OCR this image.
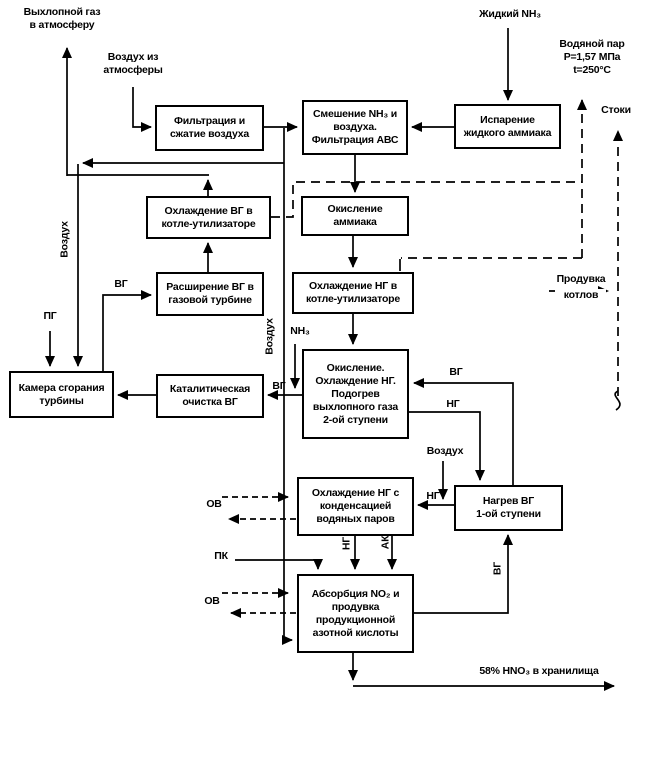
Фильтрация и
сжатие воздуха
Смешение NH₃ и
воздуха.
Фильтрация АВС
Испарение
жидкого аммиака
Охлаждение ВГ в
котле-утилизаторе
Окисление
аммиака
Охлаждение НГ в
котле-утилизаторе
Расширение ВГ в
газовой турбине
Камера сгорания
турбины
Каталитическая
очистка ВГ
Окисление.
Охлаждение НГ.
Подогрев
выхлопного газа
2-ой ступени
Охлаждение НГ с
конденсацией
водяных паров
Нагрев ВГ
1-ой ступени
Абсорбция NO₂ и
продувка
продукционной
азотной кислоты
Выхлопной газ
в атмосферу
Воздух из
атмосферы
Жидкий NH₃
Водяной пар
P=1,57 МПа
t=250°C
Стоки
Продувка
котлов
ПГ
ВГ
Воздух
Воздух	NH₃
ВГ
ВГ
НГ
Воздух
НГ
ОВ
ПК
ОВ
НГ	АК
ВГ
58% HNO₃ в хранилища
